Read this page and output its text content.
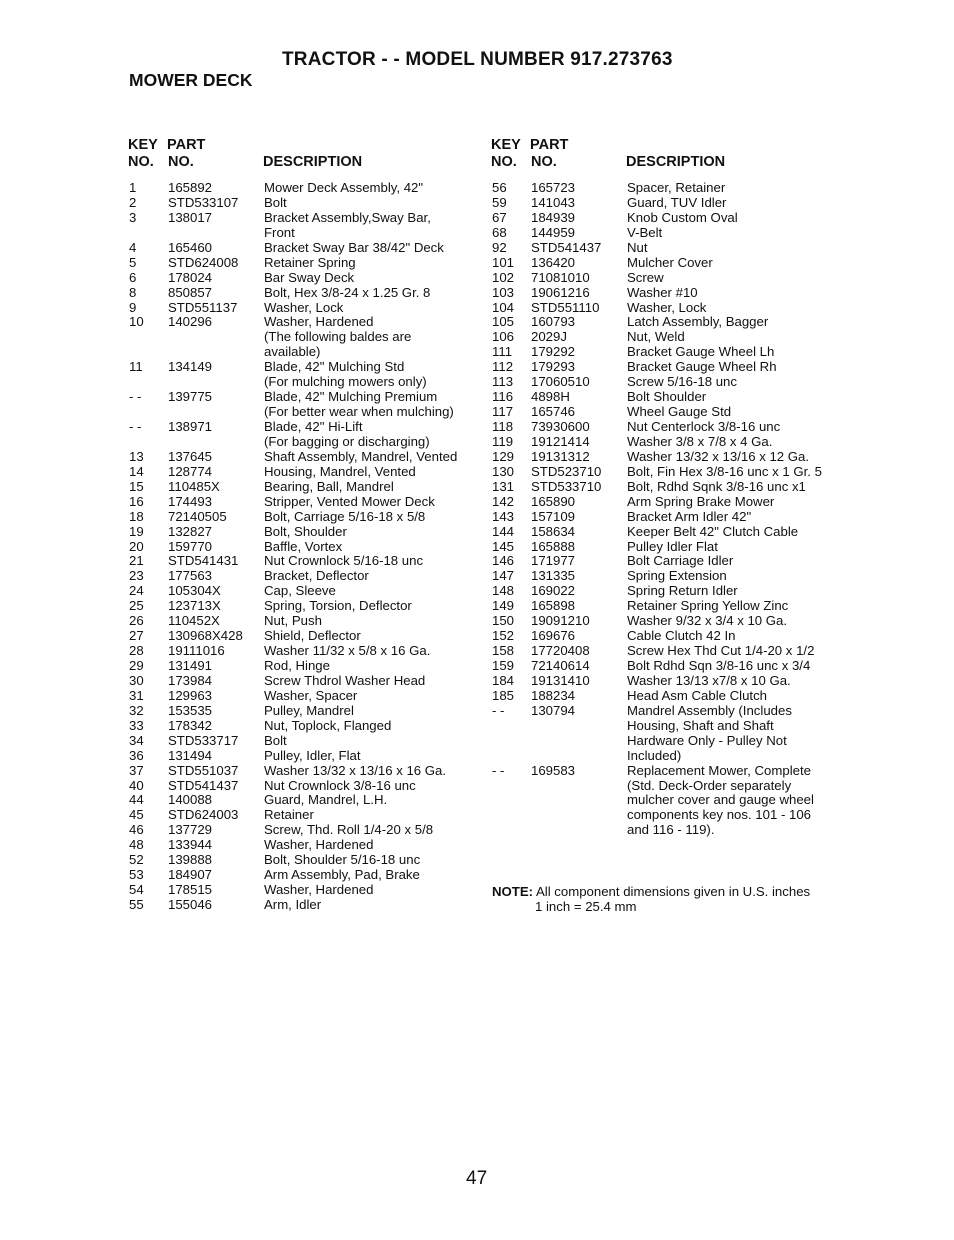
TRACTOR - - MODEL NUMBER 917.273763
MOWER DECK
KEY
NO.
PART
NO.	DESCRIPTION
KEY
NO.
PART
NO.	DESCRIPTION
1	165892	Mower Deck Assembly, 42"
2	STD533107	Bolt
3	138017	Bracket Assembly,Sway Bar,
Front
4	165460	Bracket Sway Bar 38/42" Deck
5	STD624008	Retainer Spring
6	178024	Bar Sway Deck
8	850857	Bolt, Hex 3/8-24 x 1.25 Gr. 8
9	STD551137	Washer, Lock
10	140296	Washer, Hardened
(The following baldes are
available)
11	134149	Blade, 42" Mulching Std
(For mulching mowers only)
- -	139775	Blade, 42" Mulching Premium
(For better wear when mulching)
- -	138971	Blade, 42" Hi-Lift
(For bagging or discharging)
13	137645	Shaft Assembly, Mandrel, Vented
14	128774	Housing, Mandrel, Vented
15	110485X	Bearing, Ball, Mandrel
16	174493	Stripper, Vented Mower Deck
18	72140505	Bolt, Carriage 5/16-18 x 5/8
19	132827	Bolt, Shoulder
20	159770	Baffle, Vortex
21	STD541431	Nut Crownlock 5/16-18 unc
23	177563	Bracket, Deflector
24	105304X	Cap, Sleeve
25	123713X	Spring, Torsion, Deflector
26	110452X	Nut, Push
27	130968X428	Shield, Deflector
28	19111016	Washer 11/32 x 5/8 x 16 Ga.
29	131491	Rod, Hinge
30	173984	Screw Thdrol Washer Head
31	129963	Washer, Spacer
32	153535	Pulley, Mandrel
33	178342	Nut, Toplock, Flanged
34	STD533717	Bolt
36	131494	Pulley, Idler, Flat
37	STD551037	Washer 13/32 x 13/16 x 16 Ga.
40	STD541437	Nut Crownlock 3/8-16 unc
44	140088	Guard, Mandrel, L.H.
45	STD624003	Retainer
46	137729	Screw, Thd. Roll 1/4-20 x 5/8
48	133944	Washer, Hardened
52	139888	Bolt, Shoulder 5/16-18 unc
53	184907	Arm Assembly, Pad, Brake
54	178515	Washer, Hardened
55	155046	Arm, Idler
56	165723	Spacer, Retainer
59	141043	Guard, TUV Idler
67	184939	Knob Custom Oval
68	144959	V-Belt
92	STD541437	Nut
101	136420	Mulcher Cover
102	71081010	Screw
103	19061216	Washer #10
104	STD551110	Washer, Lock
105	160793	Latch Assembly, Bagger
106	2029J	Nut, Weld
111	179292	Bracket Gauge Wheel Lh
112	179293	Bracket Gauge Wheel Rh
113	17060510	Screw 5/16-18 unc
116	4898H	Bolt Shoulder
117	165746	Wheel Gauge Std
118	73930600	Nut Centerlock 3/8-16 unc
119	19121414	Washer 3/8 x 7/8 x 4 Ga.
129	19131312	Washer 13/32 x 13/16 x 12 Ga.
130	STD523710	Bolt, Fin Hex 3/8-16 unc x 1 Gr. 5
131	STD533710	Bolt, Rdhd Sqnk 3/8-16 unc x1
142	165890	Arm Spring Brake Mower
143	157109	Bracket Arm Idler 42"
144	158634	Keeper Belt 42" Clutch Cable
145	165888	Pulley Idler Flat
146	171977	Bolt Carriage Idler
147	131335	Spring Extension
148	169022	Spring Return Idler
149	165898	Retainer Spring Yellow Zinc
150	19091210	Washer 9/32 x 3/4 x 10 Ga.
152	169676	Cable Clutch 42 In
158	17720408	Screw Hex Thd Cut 1/4-20 x 1/2
159	72140614	Bolt Rdhd Sqn 3/8-16 unc x 3/4
184	19131410	Washer 13/13 x7/8 x 10 Ga.
185	188234	Head Asm Cable Clutch
- -	130794	Mandrel Assembly (Includes
Housing, Shaft and Shaft
Hardware Only - Pulley Not
Included)
- -	169583	Replacement Mower, Complete
(Std. Deck-Order separately
mulcher cover and gauge wheel
components key nos. 101 - 106
and 116 - 119).
NOTE: All component dimensions given in U.S. inches
1 inch = 25.4 mm
47
